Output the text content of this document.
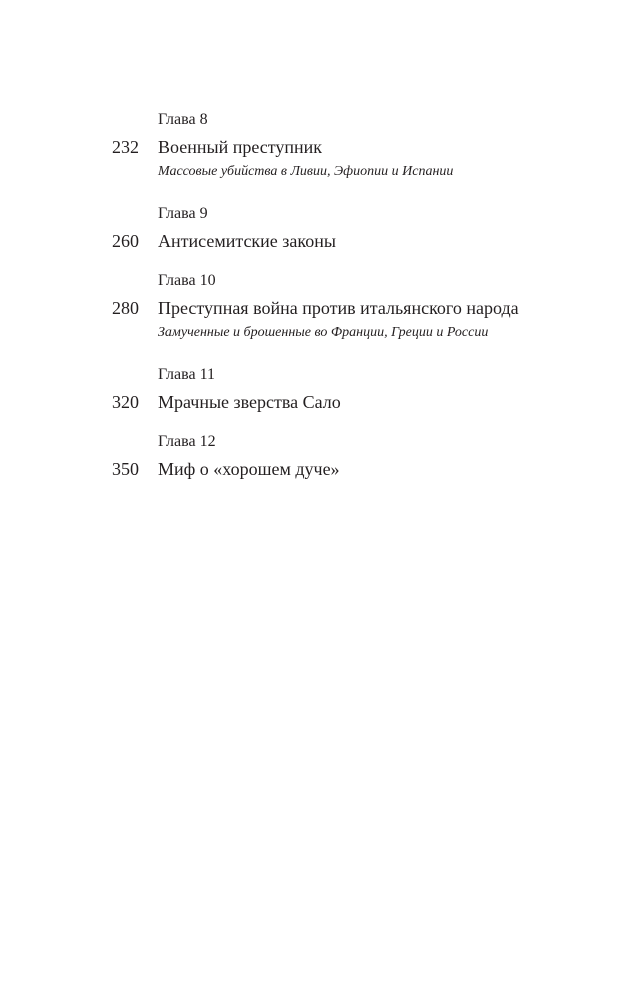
Глава 8
232 Военный преступник
Массовые убийства в Ливии, Эфиопии и Испании
Глава 9
260 Антисемитские законы
Глава 10
280 Преступная война против итальянского народа
Замученные и брошенные во Франции, Греции и России
Глава 11
320 Мрачные зверства Сало
Глава 12
350 Миф о «хорошем дуче»
